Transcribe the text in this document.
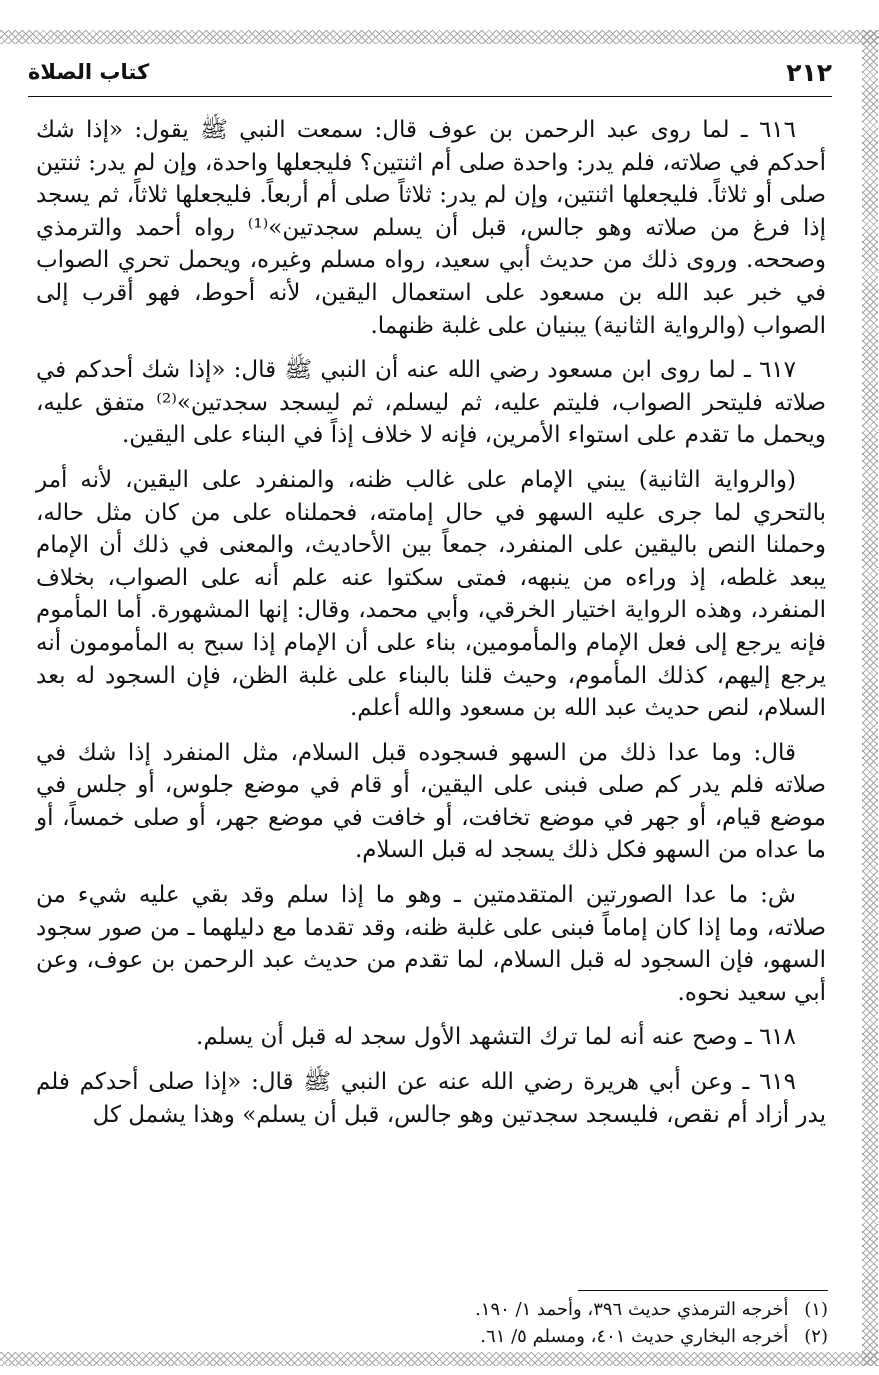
٢١٢
كتاب الصلاة

٦١٦ ـ لما روى عبد الرحمن بن عوف قال: سمعت النبي ﷺ يقول: «إذا شك أحدكم في صلاته، فلم يدر: واحدة صلى أم اثنتين؟ فليجعلها واحدة، وإن لم يدر: ثنتين صلى أو ثلاثاً. فليجعلها اثنتين، وإن لم يدر: ثلاثاً صلى أم أربعاً. فليجعلها ثلاثاً، ثم يسجد إذا فرغ من صلاته وهو جالس، قبل أن يسلم سجدتين»⁽¹⁾ رواه أحمد والترمذي وصححه. وروى ذلك من حديث أبي سعيد، رواه مسلم وغيره، ويحمل تحري الصواب في خبر عبد الله بن مسعود على استعمال اليقين، لأنه أحوط، فهو أقرب إلى الصواب (والرواية الثانية) يبنيان على غلبة ظنهما.

٦١٧ ـ لما روى ابن مسعود رضي الله عنه أن النبي ﷺ قال: «إذا شك أحدكم في صلاته فليتحر الصواب، فليتم عليه، ثم ليسلم، ثم ليسجد سجدتين»⁽²⁾ متفق عليه، ويحمل ما تقدم على استواء الأمرين، فإنه لا خلاف إذاً في البناء على اليقين.

(والرواية الثانية) يبني الإمام على غالب ظنه، والمنفرد على اليقين، لأنه أمر بالتحري لما جرى عليه السهو في حال إمامته، فحملناه على من كان مثل حاله، وحملنا النص باليقين على المنفرد، جمعاً بين الأحاديث، والمعنى في ذلك أن الإمام يبعد غلطه، إذ وراءه من ينبهه، فمتى سكتوا عنه علم أنه على الصواب، بخلاف المنفرد، وهذه الرواية اختيار الخرقي، وأبي محمد، وقال: إنها المشهورة. أما المأموم فإنه يرجع إلى فعل الإمام والمأمومين، بناء على أن الإمام إذا سبح به المأمومون أنه يرجع إليهم، كذلك المأموم، وحيث قلنا بالبناء على غلبة الظن، فإن السجود له بعد السلام، لنص حديث عبد الله بن مسعود والله أعلم.

قال: وما عدا ذلك من السهو فسجوده قبل السلام، مثل المنفرد إذا شك في صلاته فلم يدر كم صلى فبنى على اليقين، أو قام في موضع جلوس، أو جلس في موضع قيام، أو جهر في موضع تخافت، أو خافت في موضع جهر، أو صلى خمساً، أو ما عداه من السهو فكل ذلك يسجد له قبل السلام.

ش: ما عدا الصورتين المتقدمتين ـ وهو ما إذا سلم وقد بقي عليه شيء من صلاته، وما إذا كان إماماً فبنى على غلبة ظنه، وقد تقدما مع دليلهما ـ من صور سجود السهو، فإن السجود له قبل السلام، لما تقدم من حديث عبد الرحمن بن عوف، وعن أبي سعيد نحوه.

٦١٨ ـ وصح عنه أنه لما ترك التشهد الأول سجد له قبل أن يسلم.

٦١٩ ـ وعن أبي هريرة رضي الله عنه عن النبي ﷺ قال: «إذا صلى أحدكم فلم يدر أزاد أم نقص، فليسجد سجدتين وهو جالس، قبل أن يسلم» وهذا يشمل كل

(١) أخرجه الترمذي حديث ٣٩٦، وأحمد ١/ ١٩٠.

(٢) أخرجه البخاري حديث ٤٠١، ومسلم ٥/ ٦١.
